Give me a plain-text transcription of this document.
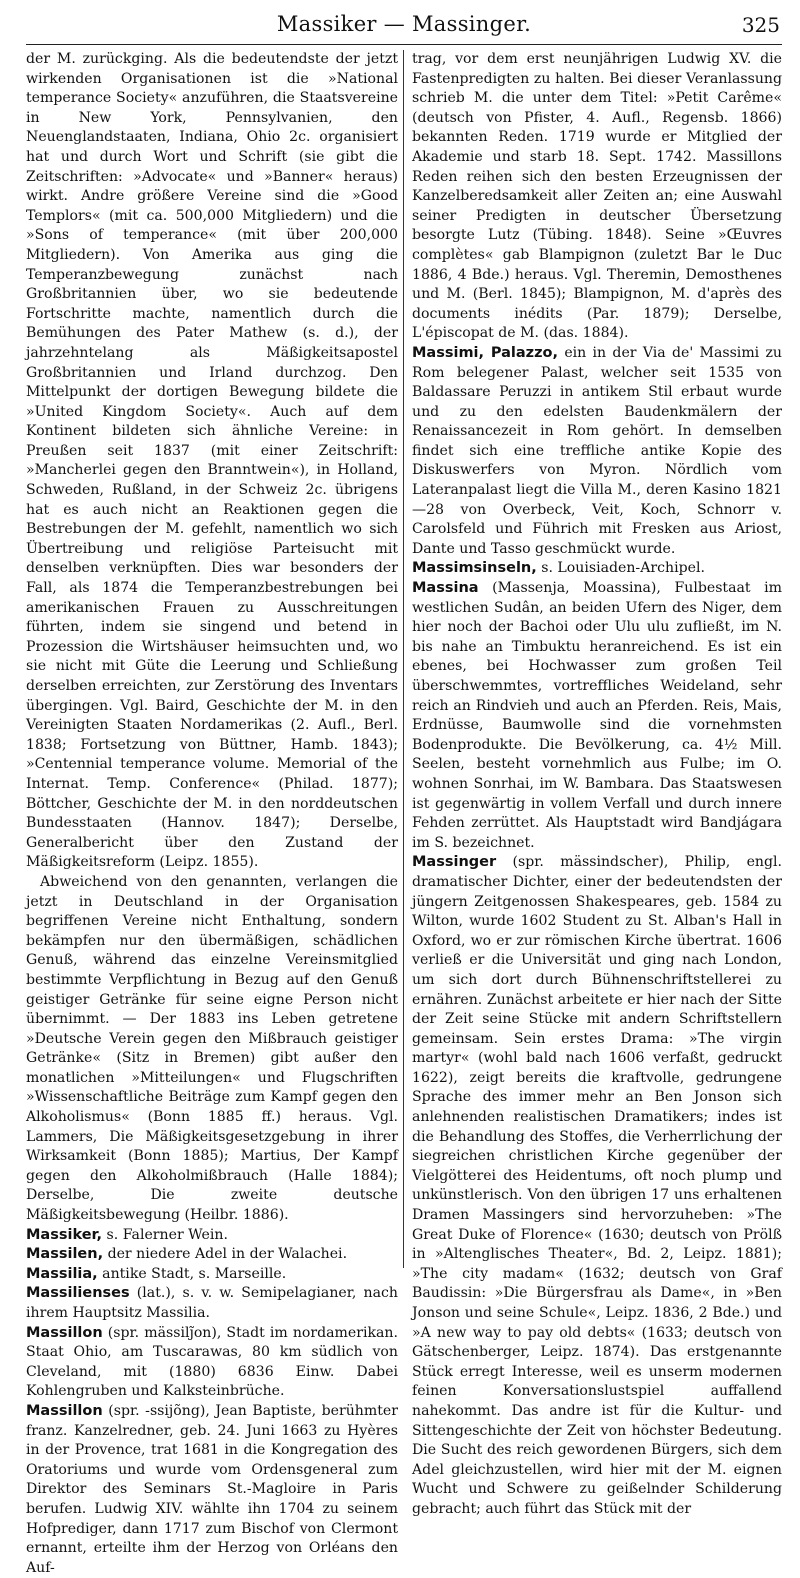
Massiker — Massinger.	325

der M. zurückging. Als die bedeutendste der jetzt wirkenden Organisationen ist die »National temperance Society« anzuführen, die Staatsvereine in New York, Pennsylvanien, den Neuenglandstaaten, Indiana, Ohio 2c. organisiert hat und durch Wort und Schrift (sie gibt die Zeitschriften: »Advocate« und »Banner« heraus) wirkt. Andre größere Vereine sind die »Good Templors« (mit ca. 500,000 Mitgliedern) und die »Sons of temperance« (mit über 200,000 Mitgliedern). Von Amerika aus ging die Temperanzbewegung zunächst nach Großbritannien über, wo sie bedeutende Fortschritte machte, namentlich durch die Bemühungen des Pater Mathew (s. d.), der jahrzehntelang als Mäßigkeitsapostel Großbritannien und Irland durchzog. Den Mittelpunkt der dortigen Bewegung bildete die »United Kingdom Society«. Auch auf dem Kontinent bildeten sich ähnliche Vereine: in Preußen seit 1837 (mit einer Zeitschrift: »Mancherlei gegen den Branntwein«), in Holland, Schweden, Rußland, in der Schweiz 2c. übrigens hat es auch nicht an Reaktionen gegen die Bestrebungen der M. gefehlt, namentlich wo sich Übertreibung und religiöse Parteisucht mit denselben verknüpften. Dies war besonders der Fall, als 1874 die Temperanzbestrebungen bei amerikanischen Frauen zu Ausschreitungen führten, indem sie singend und betend in Prozession die Wirtshäuser heimsuchten und, wo sie nicht mit Güte die Leerung und Schließung derselben erreichten, zur Zerstörung des Inventars übergingen. Vgl. Baird, Geschichte der M. in den Vereinigten Staaten Nordamerikas (2. Aufl., Berl. 1838; Fortsetzung von Büttner, Hamb. 1843); »Centennial temperance volume. Memorial of the Internat. Temp. Conference« (Philad. 1877); Böttcher, Geschichte der M. in den norddeutschen Bundesstaaten (Hannov. 1847); Derselbe, Generalbericht über den Zustand der Mäßigkeitsreform (Leipz. 1855).

Abweichend von den genannten, verlangen die jetzt in Deutschland in der Organisation begriffenen Vereine nicht Enthaltung, sondern bekämpfen nur den übermäßigen, schädlichen Genuß, während das einzelne Vereinsmitglied bestimmte Verpflichtung in Bezug auf den Genuß geistiger Getränke für seine eigne Person nicht übernimmt. — Der 1883 ins Leben getretene »Deutsche Verein gegen den Mißbrauch geistiger Getränke« (Sitz in Bremen) gibt außer den monatlichen »Mitteilungen« und Flugschriften »Wissenschaftliche Beiträge zum Kampf gegen den Alkoholismus« (Bonn 1885 ff.) heraus. Vgl. Lammers, Die Mäßigkeitsgesetzgebung in ihrer Wirksamkeit (Bonn 1885); Martius, Der Kampf gegen den Alkoholmißbrauch (Halle 1884); Derselbe, Die zweite deutsche Mäßigkeitsbewegung (Heilbr. 1886).

Massiker, s. Falerner Wein.

Massilen, der niedere Adel in der Walachei.

Massilia, antike Stadt, s. Marseille.

Massilienses (lat.), s. v. w. Semipelagianer, nach ihrem Hauptsitz Massilia.

Massillon (spr. mässilj̃on), Stadt im nordamerikan. Staat Ohio, am Tuscarawas, 80 km südlich von Cleveland, mit (1880) 6836 Einw. Dabei Kohlengruben und Kalksteinbrüche.

Massillon (spr. -ssijõng), Jean Baptiste, berühmter franz. Kanzelredner, geb. 24. Juni 1663 zu Hyères in der Provence, trat 1681 in die Kongregation des Oratoriums und wurde vom Ordensgeneral zum Direktor des Seminars St.-Magloire in Paris berufen. Ludwig XIV. wählte ihn 1704 zu seinem Hofprediger, dann 1717 zum Bischof von Clermont ernannt, erteilte ihm der Herzog von Orléans den Auf-

trag, vor dem erst neunjährigen Ludwig XV. die Fastenpredigten zu halten. Bei dieser Veranlassung schrieb M. die unter dem Titel: »Petit Carême« (deutsch von Pfister, 4. Aufl., Regensb. 1866) bekannten Reden. 1719 wurde er Mitglied der Akademie und starb 18. Sept. 1742. Massillons Reden reihen sich den besten Erzeugnissen der Kanzelberedsamkeit aller Zeiten an; eine Auswahl seiner Predigten in deutscher Übersetzung besorgte Lutz (Tübing. 1848). Seine »Œuvres complètes« gab Blampignon (zuletzt Bar le Duc 1886, 4 Bde.) heraus. Vgl. Theremin, Demosthenes und M. (Berl. 1845); Blampignon, M. d'après des documents inédits (Par. 1879); Derselbe, L'épiscopat de M. (das. 1884).

Massimi, Palazzo, ein in der Via de' Massimi zu Rom belegener Palast, welcher seit 1535 von Baldassare Peruzzi in antikem Stil erbaut wurde und zu den edelsten Baudenkmälern der Renaissancezeit in Rom gehört. In demselben findet sich eine treffliche antike Kopie des Diskuswerfers von Myron. Nördlich vom Lateranpalast liegt die Villa M., deren Kasino 1821—28 von Overbeck, Veit, Koch, Schnorr v. Carolsfeld und Führich mit Fresken aus Ariost, Dante und Tasso geschmückt wurde.

Massimsinseln, s. Louisiaden-Archipel.

Massina (Massenja, Moassina), Fulbestaat im westlichen Sudân, an beiden Ufern des Niger, dem hier noch der Bachoi oder Ulu ulu zufließt, im N. bis nahe an Timbuktu heranreichend. Es ist ein ebenes, bei Hochwasser zum großen Teil überschwemmtes, vortreffliches Weideland, sehr reich an Rindvieh und auch an Pferden. Reis, Mais, Erdnüsse, Baumwolle sind die vornehmsten Bodenprodukte. Die Bevölkerung, ca. 4½ Mill. Seelen, besteht vornehmlich aus Fulbe; im O. wohnen Sonrhai, im W. Bambara. Das Staatswesen ist gegenwärtig in vollem Verfall und durch innere Fehden zerrüttet. Als Hauptstadt wird Bandjágara im S. bezeichnet.

Massinger (spr. mässindscher), Philip, engl. dramatischer Dichter, einer der bedeutendsten der jüngern Zeitgenossen Shakespeares, geb. 1584 zu Wilton, wurde 1602 Student zu St. Alban's Hall in Oxford, wo er zur römischen Kirche übertrat. 1606 verließ er die Universität und ging nach London, um sich dort durch Bühnenschriftstellerei zu ernähren. Zunächst arbeitete er hier nach der Sitte der Zeit seine Stücke mit andern Schriftstellern gemeinsam. Sein erstes Drama: »The virgin martyr« (wohl bald nach 1606 verfaßt, gedruckt 1622), zeigt bereits die kraftvolle, gedrungene Sprache des immer mehr an Ben Jonson sich anlehnenden realistischen Dramatikers; indes ist die Behandlung des Stoffes, die Verherrlichung der siegreichen christlichen Kirche gegenüber der Vielgötterei des Heidentums, oft noch plump und unkünstlerisch. Von den übrigen 17 uns erhaltenen Dramen Massingers sind hervorzuheben: »The Great Duke of Florence« (1630; deutsch von Prölß in »Altenglisches Theater«, Bd. 2, Leipz. 1881); »The city madam« (1632; deutsch von Graf Baudissin: »Die Bürgersfrau als Dame«, in »Ben Jonson und seine Schule«, Leipz. 1836, 2 Bde.) und »A new way to pay old debts« (1633; deutsch von Gätschenberger, Leipz. 1874). Das erstgenannte Stück erregt Interesse, weil es unserm modernen feinen Konversationslustspiel auffallend nahekommt. Das andre ist für die Kultur- und Sittengeschichte der Zeit von höchster Bedeutung. Die Sucht des reich gewordenen Bürgers, sich dem Adel gleichzustellen, wird hier mit der M. eignen Wucht und Schwere zu geißelnder Schilderung gebracht; auch führt das Stück mit der
